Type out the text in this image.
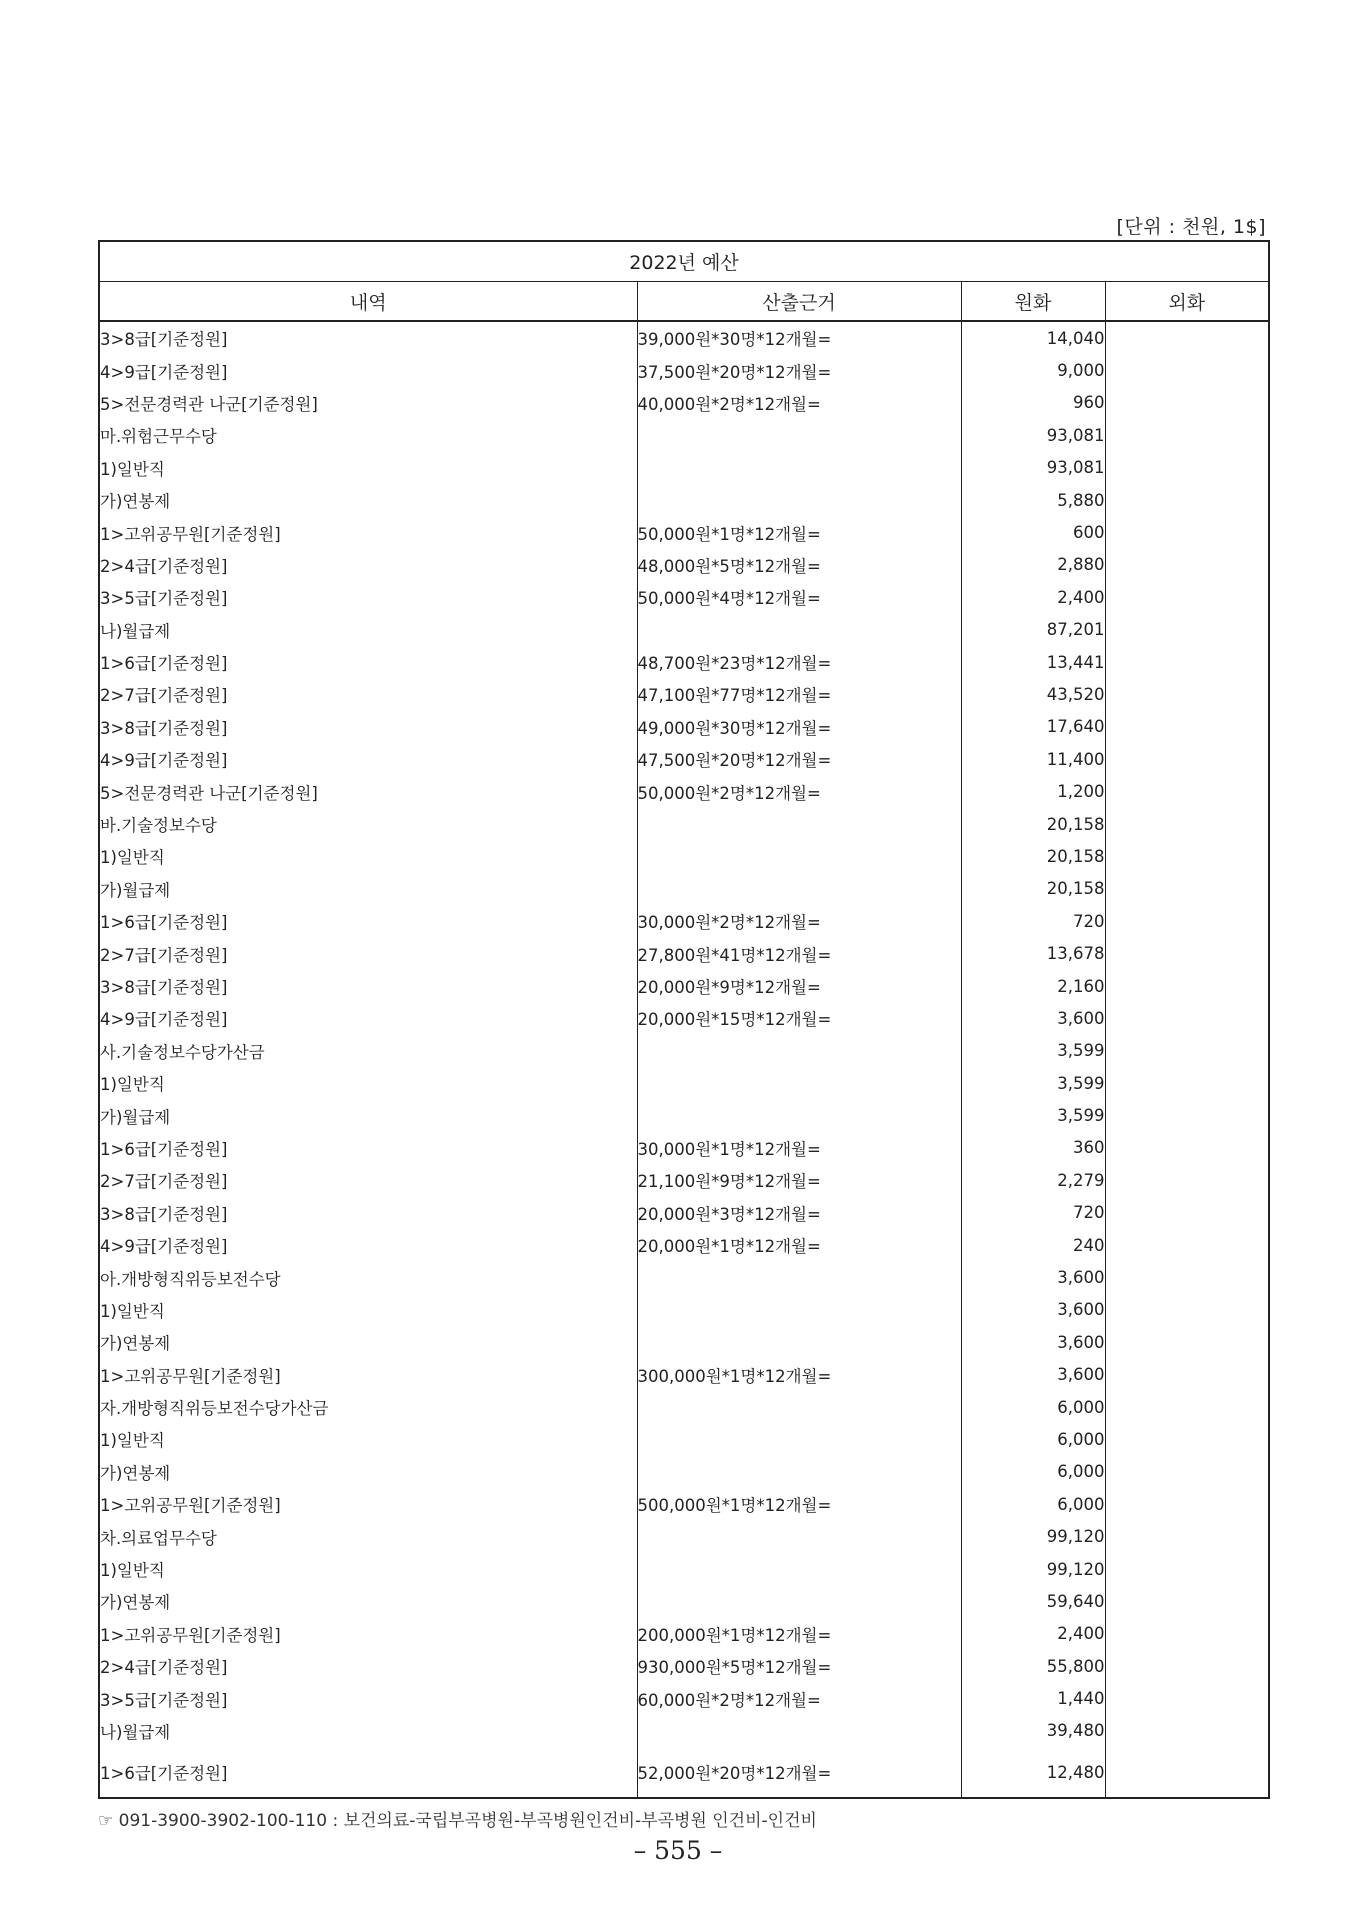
[단위 : 천원, 1$]
2022년 예산			
내역	산출근거	원화	외화
3>8급[기준정원]	39,000원*30명*12개월=	14,040	
4>9급[기준정원]	37,500원*20명*12개월=	9,000	
5>전문경력관 나군[기준정원]	40,000원*2명*12개월=	960	
마.위험근무수당		93,081	
1)일반직		93,081	
가)연봉제		5,880	
1>고위공무원[기준정원]	50,000원*1명*12개월=	600	
2>4급[기준정원]	48,000원*5명*12개월=	2,880	
3>5급[기준정원]	50,000원*4명*12개월=	2,400	
나)월급제		87,201	
1>6급[기준정원]	48,700원*23명*12개월=	13,441	
2>7급[기준정원]	47,100원*77명*12개월=	43,520	
3>8급[기준정원]	49,000원*30명*12개월=	17,640	
4>9급[기준정원]	47,500원*20명*12개월=	11,400	
5>전문경력관 나군[기준정원]	50,000원*2명*12개월=	1,200	
바.기술정보수당		20,158	
1)일반직		20,158	
가)월급제		20,158	
1>6급[기준정원]	30,000원*2명*12개월=	720	
2>7급[기준정원]	27,800원*41명*12개월=	13,678	
3>8급[기준정원]	20,000원*9명*12개월=	2,160	
4>9급[기준정원]	20,000원*15명*12개월=	3,600	
사.기술정보수당가산금		3,599	
1)일반직		3,599	
가)월급제		3,599	
1>6급[기준정원]	30,000원*1명*12개월=	360	
2>7급[기준정원]	21,100원*9명*12개월=	2,279	
3>8급[기준정원]	20,000원*3명*12개월=	720	
4>9급[기준정원]	20,000원*1명*12개월=	240	
아.개방형직위등보전수당		3,600	
1)일반직		3,600	
가)연봉제		3,600	
1>고위공무원[기준정원]	300,000원*1명*12개월=	3,600	
자.개방형직위등보전수당가산금		6,000	
1)일반직		6,000	
가)연봉제		6,000	
1>고위공무원[기준정원]	500,000원*1명*12개월=	6,000	
차.의료업무수당		99,120	
1)일반직		99,120	
가)연봉제		59,640	
1>고위공무원[기준정원]	200,000원*1명*12개월=	2,400	
2>4급[기준정원]	930,000원*5명*12개월=	55,800	
3>5급[기준정원]	60,000원*2명*12개월=	1,440	
나)월급제		39,480	
1>6급[기준정원]	52,000원*20명*12개월=	12,480	
☞ 091-3900-3902-100-110 : 보건의료-국립부곡병원-부곡병원인건비-부곡병원 인건비-인건비
– 555 –
